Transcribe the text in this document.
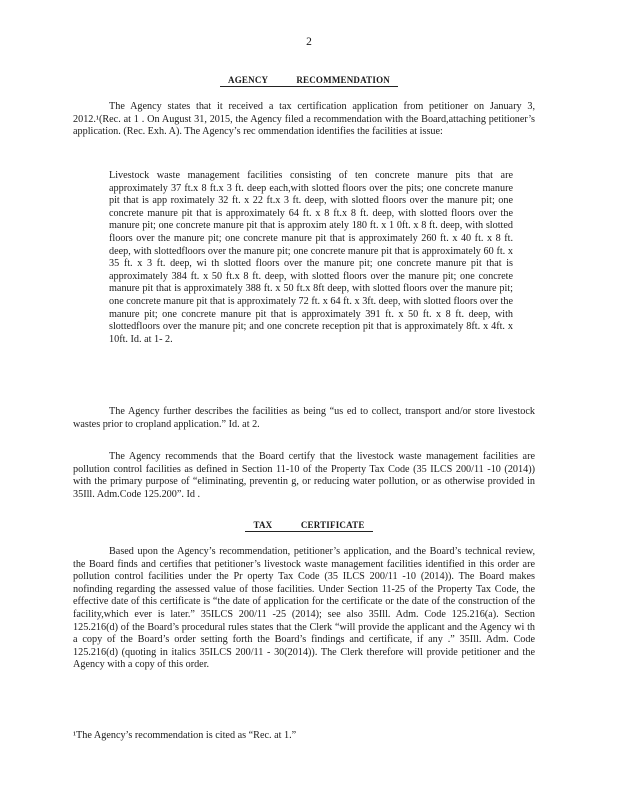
2
AGENCY RECOMMENDATION

The Agency states that it received a tax certification application from petitioner on January 3, 2012.¹(Rec. at 1 . On August 31, 2015, the Agency filed a recommendation with the Board,attaching petitioner’s application. (Rec. Exh. A). The Agency’s rec ommendation identifies the facilities at issue:

Livestock waste management facilities consisting of ten concrete manure pits that are approximately 37 ft.x 8 ft.x 3 ft. deep each,with slotted floors over the pits; one concrete manure pit that is app roximately 32 ft. x 22 ft.x 3 ft. deep, with slotted floors over the manure pit; one concrete manure pit that is approximately 64 ft. x 8 ft.x 8 ft. deep, with slotted floors over the manure pit; one concrete manure pit that is approxim ately 180 ft. x 1 0ft. x 8 ft. deep, with slotted floors over the manure pit; one concrete manure pit that is approximately 260 ft. x 40 ft. x 8 ft. deep, with slottedfloors over the manure pit; one concrete manure pit that is approximately 60 ft. x 35 ft. x 3 ft. deep, wi th slotted floors over the manure pit; one concrete manure pit that is approximately 384 ft. x 50 ft.x 8 ft. deep, with slotted floors over the manure pit; one concrete manure pit that is approximately 388 ft. x 50 ft.x 8ft deep, with slotted floors over the manure pit; one concrete manure pit that is approximately 72 ft. x 64 ft. x 3ft. deep, with slotted floors over the manure pit; one concrete manure pit that is approximately 391 ft. x 50 ft. x 8 ft. deep, with slottedfloors over the manure pit; and one concrete reception pit that is approximately 8ft. x 4ft. x 10ft. Id. at 1- 2.

The Agency further describes the facilities as being “us ed to collect, transport and/or store livestock wastes prior to cropland application.” Id. at 2.

The Agency recommends that the Board certify that the livestock waste management facilities are pollution control facilities as defined in Section 11-10 of the Property Tax Code (35 ILCS 200/11 -10 (2014)) with the primary purpose of “eliminating, preventin g, or reducing water pollution, or as otherwise provided in 35Ill. Adm.Code 125.200”. Id .

TAX CERTIFICATE

Based upon the Agency’s recommendation, petitioner’s application, and the Board’s technical review, the Board finds and certifies that petitioner’s livestock waste management facilities identified in this order are pollution control facilities under the Pr operty Tax Code (35 ILCS 200/11 -10 (2014)). The Board makes nofinding regarding the assessed value of those facilities. Under Section 11-25 of the Property Tax Code, the effective date of this certificate is “the date of application for the certificate or the date of the construction of the facility,which ever is later.” 35ILCS 200/11 -25 (2014); see also 35Ill. Adm. Code 125.216(a). Section 125.216(d) of the Board’s procedural rules states that the Clerk “will provide the applicant and the Agency wi th a copy of the Board’s order setting forth the Board’s findings and certificate, if any .” 35Ill. Adm. Code 125.216(d) (quoting in italics 35ILCS 200/11 - 30(2014)). The Clerk therefore will provide petitioner and the Agency with a copy of this order.

¹The Agency’s recommendation is cited as “Rec. at 1.”
